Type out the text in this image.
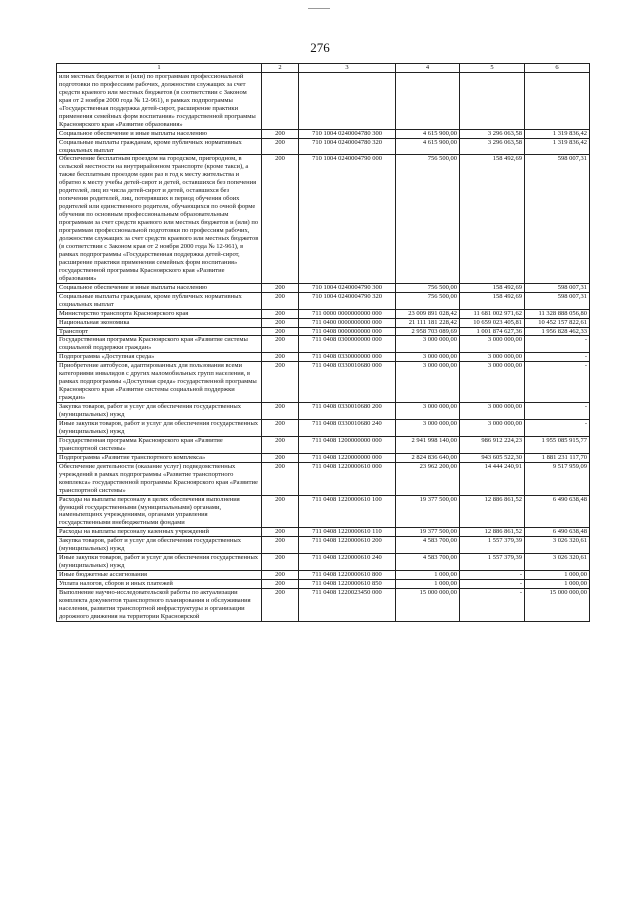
276
1	2	3	4	5	6
или местных бюджетов и (или) по программам профессиональной подготовки по профессиям рабочих, должностям служащих за счет средств краевого или местных бюджетов (в соответствии с Законом края от 2 ноября 2000 года № 12-961), в рамках подпрограммы «Государственная поддержка детей-сирот, расширение практики применения семейных форм воспитания» государственной программы Красноярского края «Развитие образования»					
Социальное обеспечение и иные выплаты населению	200	710 1004 0240004780 300	4 615 900,00	3 296 063,58	1 319 836,42
Социальные выплаты гражданам, кроме публичных нормативных социальных выплат	200	710 1004 0240004780 320	4 615 900,00	3 296 063,58	1 319 836,42
Обеспечение бесплатным проездом на городском, пригородном, в сельской местности на внутрирайонном транспорте (кроме такси), а также бесплатным проездом один раз в год к месту жительства и обратно к месту учебы детей-сирот и детей, оставшихся без попечения родителей, лиц из числа детей-сирот и детей, оставшихся без попечения родителей, лиц, потерявших в период обучения обоих родителей или единственного родителя, обучающихся по очной форме обучения по основным профессиональным образовательным программам за счет средств краевого или местных бюджетов и (или) по программам профессиональной подготовки по профессиям рабочих, должностям служащих за счет средств краевого или местных бюджетов (в соответствии с Законом края от 2 ноября 2000 года № 12-961), в рамках подпрограммы «Государственная поддержка детей-сирот, расширение практики применения семейных форм воспитания» государственной программы Красноярского края «Развитие образования»	200	710 1004 0240004790 000	756 500,00	158 492,69	598 007,31
Социальное обеспечение и иные выплаты населению	200	710 1004 0240004790 300	756 500,00	158 492,69	598 007,31
Социальные выплаты гражданам, кроме публичных нормативных социальных выплат	200	710 1004 0240004790 320	756 500,00	158 492,69	598 007,31
Министерство транспорта Красноярского края	200	711 0000 0000000000 000	23 009 891 028,42	11 681 002 971,62	11 328 888 056,80
Национальная экономика	200	711 0400 0000000000 000	21 111 181 228,42	10 659 023 405,81	10 452 157 822,61
Транспорт	200	711 0408 0000000000 000	2 958 703 089,69	1 001 874 627,36	1 956 828 462,33
Государственная программа Красноярского края «Развитие системы социальной поддержки граждан»	200	711 0408 0300000000 000	3 000 000,00	3 000 000,00	-
Подпрограмма «Доступная среда»	200	711 0408 0330000000 000	3 000 000,00	3 000 000,00	-
Приобретение автобусов, адаптированных для пользования всеми категориями инвалидов с других маломобильных групп населения, в рамках подпрограммы «Доступная среда» государственной программы Красноярского края «Развитие системы социальной поддержки граждан»	200	711 0408 0330010680 000	3 000 000,00	3 000 000,00	-
Закупка товаров, работ и услуг для обеспечения государственных (муниципальных) нужд	200	711 0408 0330010680 200	3 000 000,00	3 000 000,00	-
Иные закупки товаров, работ и услуг для обеспечения государственных (муниципальных) нужд	200	711 0408 0330010680 240	3 000 000,00	3 000 000,00	-
Государственная программа Красноярского края «Развитие транспортной системы»	200	711 0408 1200000000 000	2 941 998 140,00	986 912 224,23	1 955 085 915,77
Подпрограмма «Развитие транспортного комплекса»	200	711 0408 1220000000 000	2 824 836 640,00	943 605 522,30	1 881 231 117,70
Обеспечение деятельности (оказание услуг) подведомственных учреждений в рамках подпрограммы «Развитие транспортного комплекса» государственной программы Красноярского края «Развитие транспортной системы»	200	711 0408 1220000610 000	23 962 200,00	14 444 240,91	9 517 959,09
Расходы на выплаты персоналу в целях обеспечения выполнения функций государственными (муниципальными) органами, наменьпепцинх учреждениями, органами управления государственными внебюджетными фондами	200	711 0408 1220000610 100	19 377 500,00	12 886 861,52	6 490 638,48
Расходы на выплаты персоналу казенных учреждений	200	711 0408 1220000610 110	19 377 500,00	12 886 861,52	6 490 638,48
Закупка товаров, работ и услуг для обеспечения государственных (муниципальных) нужд	200	711 0408 1220000610 200	4 583 700,00	1 557 379,39	3 026 320,61
Иные закупки товаров, работ и услуг для обеспечения государственных (муниципальных) нужд	200	711 0408 1220000610 240	4 583 700,00	1 557 379,39	3 026 320,61
Иные бюджетные ассигнования	200	711 0408 1220000610 800	1 000,00	-	1 000,00
Уплата налогов, сборов и иных платежей	200	711 0408 1220000610 850	1 000,00	-	1 000,00
Выполнение научно-исследовательской работы по актуализации комплекта документов транспортного планирования и обслуживания населения, развития транспортной инфраструктуры и организации дорожного движения на территории Красноярской	200	711 0408 1220023450 000	15 000 000,00	-	15 000 000,00
